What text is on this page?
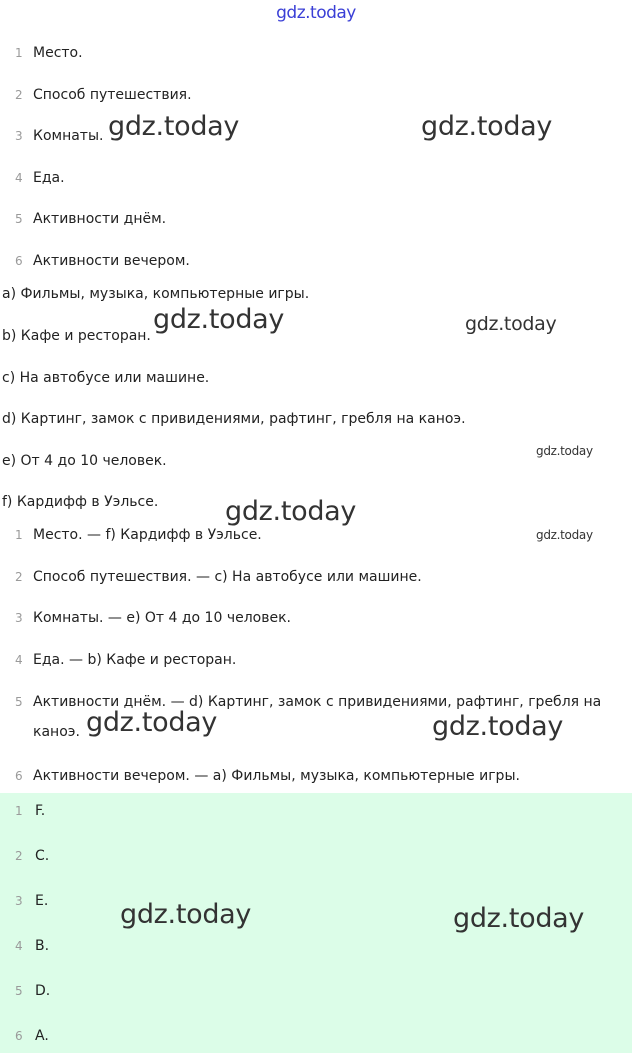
gdz.today
1 Место.
2 Способ путешествия.
3 Комнаты.
4 Еда.
5 Активности днём.
6 Активности вечером.
a) Фильмы, музыка, компьютерные игры.
b) Кафе и ресторан.
c) На автобусе или машине.
d) Картинг, замок с привидениями, рафтинг, гребля на каноэ.
e) От 4 до 10 человек.
f) Кардифф в Уэльсе.
1 Место. — f) Кардифф в Уэльсе.
2 Способ путешествия. — c) На автобусе или машине.
3 Комнаты. — e) От 4 до 10 человек.
4 Еда. — b) Кафе и ресторан.
5 Активности днём. — d) Картинг, замок с привидениями, рафтинг, гребля на каноэ.
6 Активности вечером. — a) Фильмы, музыка, компьютерные игры.
1 F.
2 C.
3 E.
4 B.
5 D.
6 A.
gdz.today	gdz.today
gdz.today	gdz.today
gdz.today
gdz.today
gdz.today
gdz.today	gdz.today
gdz.today	gdz.today
